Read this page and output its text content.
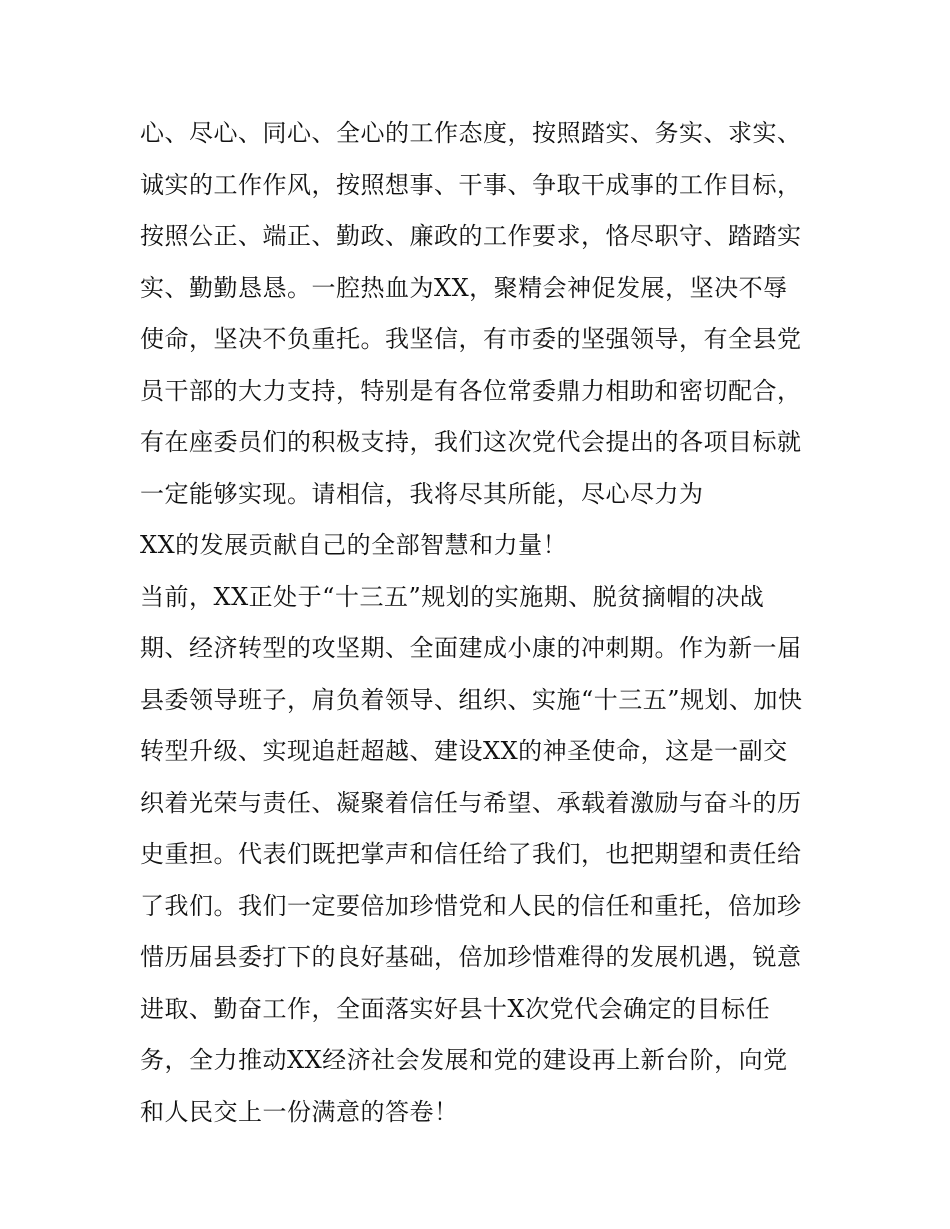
心、尽心、同心、全心的工作态度，按照踏实、务实、求实、
诚实的工作作风，按照想事、干事、争取干成事的工作目标，
按照公正、端正、勤政、廉政的工作要求，恪尽职守、踏踏实
实、勤勤恳恳。一腔热血为XX，聚精会神促发展，坚决不辱
使命，坚决不负重托。我坚信，有市委的坚强领导，有全县党
员干部的大力支持，特别是有各位常委鼎力相助和密切配合，
有在座委员们的积极支持，我们这次党代会提出的各项目标就
一定能够实现。请相信，我将尽其所能，尽心尽力为
XX的发展贡献自己的全部智慧和力量！
当前，XX正处于“十三五”规划的实施期、脱贫摘帽的决战
期、经济转型的攻坚期、全面建成小康的冲刺期。作为新一届
县委领导班子，肩负着领导、组织、实施“十三五”规划、加快
转型升级、实现追赶超越、建设XX的神圣使命，这是一副交
织着光荣与责任、凝聚着信任与希望、承载着激励与奋斗的历
史重担。代表们既把掌声和信任给了我们，也把期望和责任给
了我们。我们一定要倍加珍惜党和人民的信任和重托，倍加珍
惜历届县委打下的良好基础，倍加珍惜难得的发展机遇，锐意
进取、勤奋工作，全面落实好县十X次党代会确定的目标任
务，全力推动XX经济社会发展和党的建设再上新台阶，向党
和人民交上一份满意的答卷！
